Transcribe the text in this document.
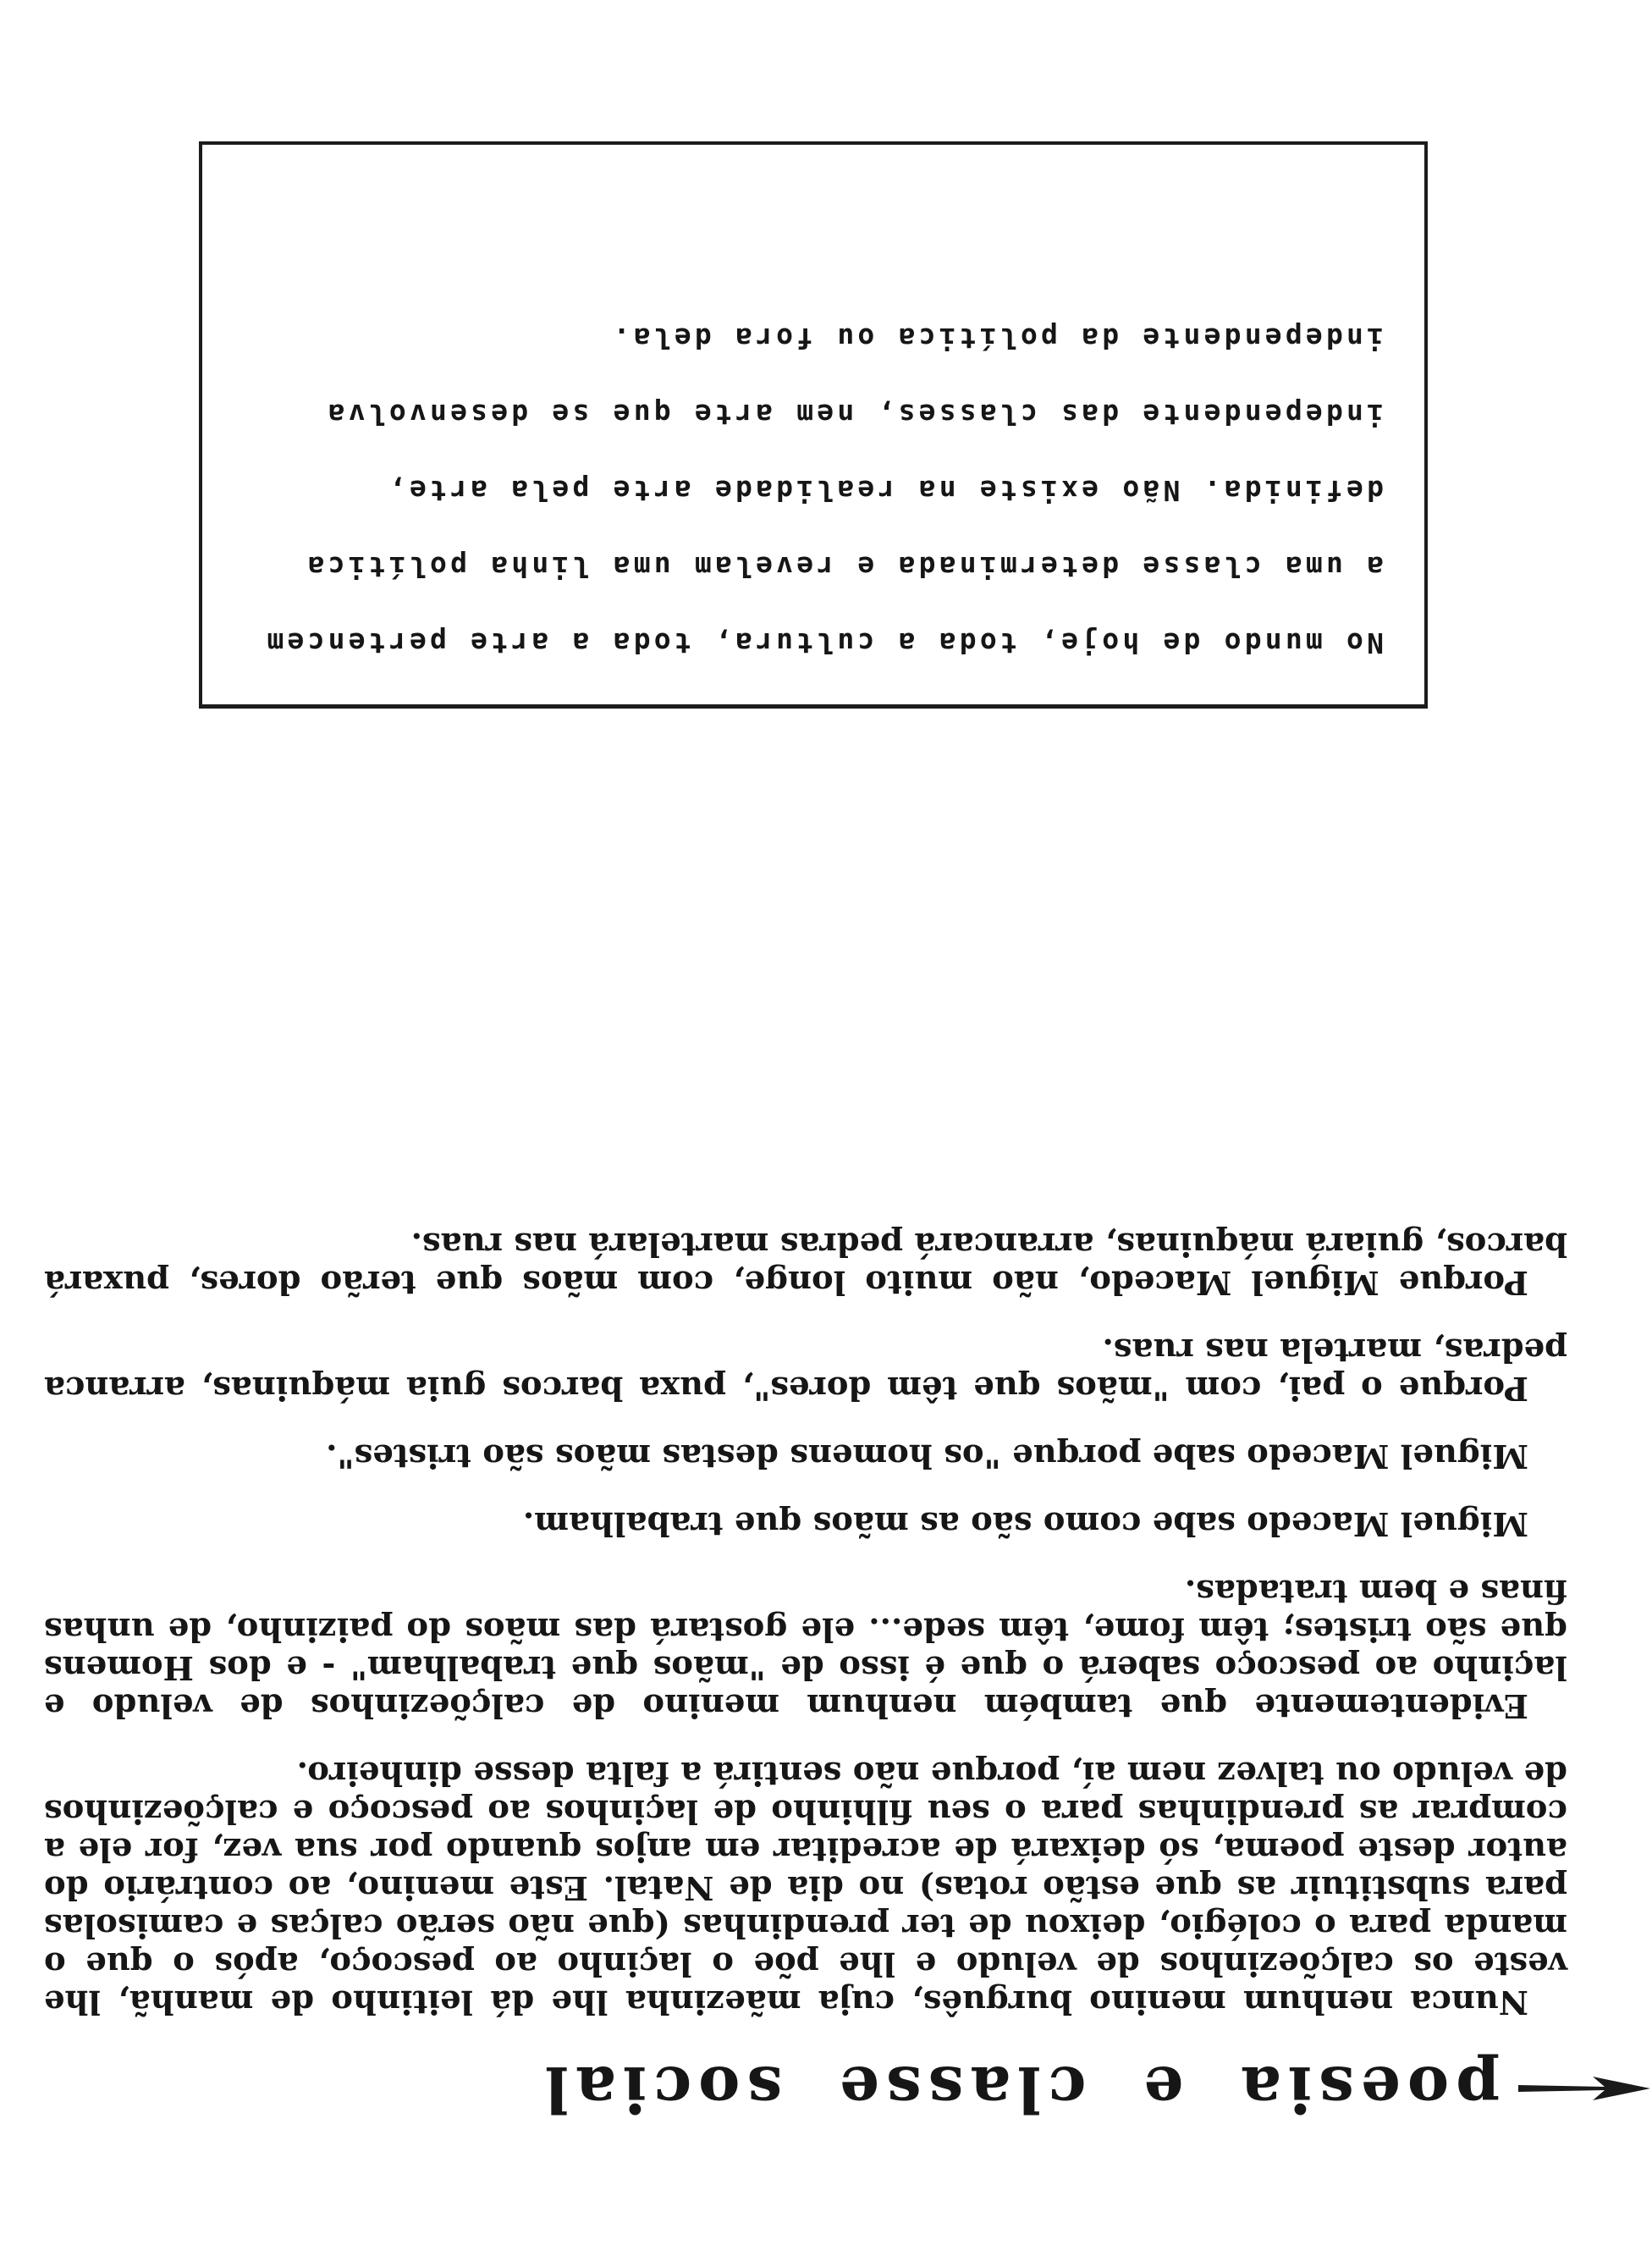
poesia e classe social

Nunca nenhum menino burguês, cuja mãezinha lhe dá leitinho de manhã, lhe veste os calçõezinhos de veludo e lhe põe o laçinho ao pescoço, após o que o manda para o colégio, deixou de ter prendinhas (que não serão calças e camisolas para substituir as que estão rotas) no dia de Natal. Este menino, ao contrário do autor deste poema, só deixará de acreditar em anjos quando por sua vez, for ele a comprar as prendinhas para o seu filhinho de laçinhos ao pescoço e calçõezinhos de veludo ou talvez nem aí, porque não sentirá a falta desse dinheiro.

Evidentemente que também nenhum menino de calçõezinhos de veludo e laçinho ao pescoço saberá o que é isso de "mãos que trabalham" - e dos Homens que são tristes; têm fome, têm sede... ele gostará das mãos do paizinho, de unhas finas e bem tratadas.

Miguel Macedo sabe como são as mãos que trabalham.

Miguel Macedo sabe porque "os homens destas mãos são tristes".

Porque o pai, com "mãos que têm dores", puxa barcos guia máquinas, arranca pedras, martela nas ruas.

Porque Miguel Macedo, não muito longe, com mãos que terão dores, puxará barcos, guiará máquinas, arrancará pedras martelará nas ruas.

No mundo de hoje, toda a cultura, toda a arte pertencem a uma classe determinada e revelam uma linha política definida. Não existe na realidade arte pela arte, independente das classes, nem arte que se desenvolva independente da política ou fora dela.
